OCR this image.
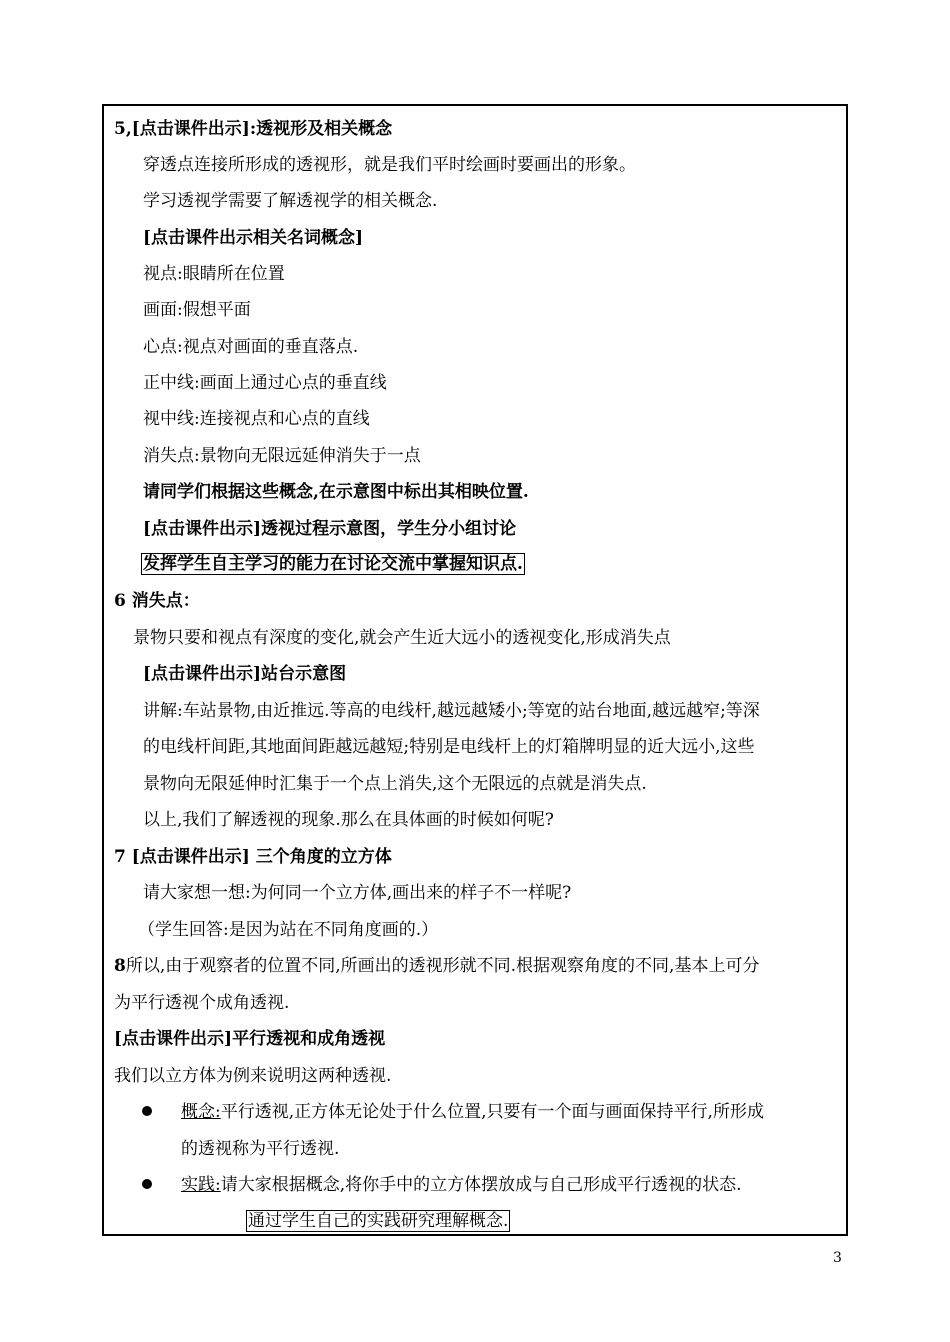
5,[点击课件出示]:透视形及相关概念
穿透点连接所形成的透视形，就是我们平时绘画时要画出的形象。
学习透视学需要了解透视学的相关概念.
[点击课件出示相关名词概念]
视点:眼睛所在位置
画面:假想平面
心点:视点对画面的垂直落点.
正中线:画面上通过心点的垂直线
视中线:连接视点和心点的直线
消失点:景物向无限远延伸消失于一点
请同学们根据这些概念,在示意图中标出其相映位置.
[点击课件出示]透视过程示意图，学生分小组讨论
发挥学生自主学习的能力在讨论交流中掌握知识点.
6 消失点：
景物只要和视点有深度的变化,就会产生近大远小的透视变化,形成消失点
[点击课件出示]站台示意图
讲解:车站景物,由近推远.等高的电线杆,越远越矮小;等宽的站台地面,越远越窄;等深
的电线杆间距,其地面间距越远越短;特别是电线杆上的灯箱牌明显的近大远小,这些
景物向无限延伸时汇集于一个点上消失,这个无限远的点就是消失点.
以上,我们了解透视的现象.那么在具体画的时候如何呢?
7 [点击课件出示] 三个角度的立方体
请大家想一想:为何同一个立方体,画出来的样子不一样呢?
（学生回答:是因为站在不同角度画的.）
8所以,由于观察者的位置不同,所画出的透视形就不同.根据观察角度的不同,基本上可分
为平行透视个成角透视.
[点击课件出示]平行透视和成角透视
我们以立方体为例来说明这两种透视.
概念:平行透视,正方体无论处于什么位置,只要有一个面与画面保持平行,所形成
的透视称为平行透视.
实践:请大家根据概念,将你手中的立方体摆放成与自己形成平行透视的状态.
通过学生自己的实践研究理解概念.
3
